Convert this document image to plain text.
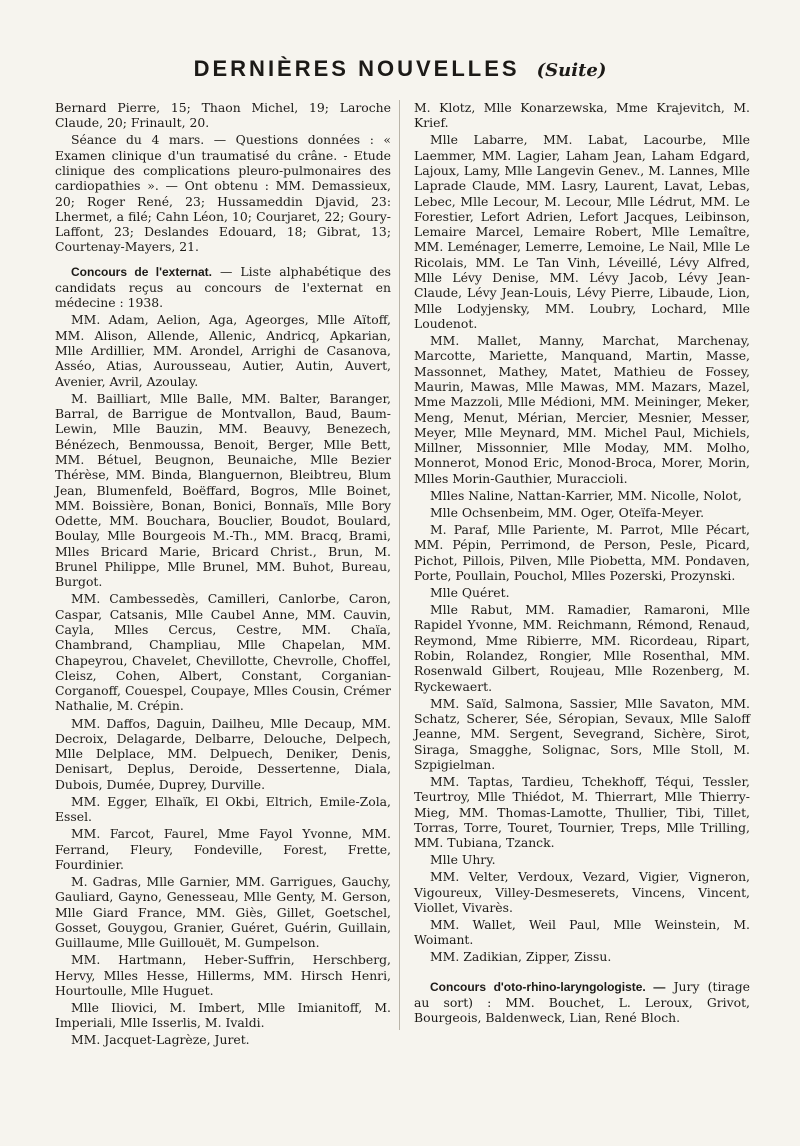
DERNIÈRES NOUVELLES (Suite)

Bernard Pierre, 15; Thaon Michel, 19; Laroche Claude, 20; Frinault, 20.

Séance du 4 mars. — Questions données : « Examen clinique d'un traumatisé du crâne. - Etude clinique des complications pleuro-pulmonaires des cardiopathies ». — Ont obtenu : MM. Demassieux, 20; Roger René, 23; Hussameddin Djavid, 23: Lhermet, a filé; Cahn Léon, 10; Courjaret, 22; Goury-Laffont, 23; Deslandes Edouard, 18; Gibrat, 13; Courtenay-Mayers, 21.

Concours de l'externat. — Liste alphabétique des candidats reçus au concours de l'externat en médecine : 1938.

MM. Adam, Aelion, Aga, Ageorges, Mlle Aïtoff, MM. Alison, Allende, Allenic, Andricq, Apkarian, Mlle Ardillier, MM. Arondel, Arrighi de Casanova, Asséo, Atias, Aurousseau, Autier, Autin, Auvert, Avenier, Avril, Azoulay.

M. Bailliart, Mlle Balle, MM. Balter, Baranger, Barral, de Barrigue de Montvallon, Baud, Baum-Lewin, Mlle Bauzin, MM. Beauvy, Benezech, Bénézech, Benmoussa, Benoit, Berger, Mlle Bett, MM. Bétuel, Beugnon, Beunaiche, Mlle Bezier Thérèse, MM. Binda, Blanguernon, Bleibtreu, Blum Jean, Blumenfeld, Boëffard, Bogros, Mlle Boinet, MM. Boissière, Bonan, Bonici, Bonnaïs, Mlle Bory Odette, MM. Bouchara, Bouclier, Boudot, Boulard, Boulay, Mlle Bourgeois M.-Th., MM. Bracq, Brami, Mlles Bricard Marie, Bricard Christ., Brun, M. Brunel Philippe, Mlle Brunel, MM. Buhot, Bureau, Burgot.

MM. Cambessedès, Camilleri, Canlorbe, Caron, Caspar, Catsanis, Mlle Caubel Anne, MM. Cauvin, Cayla, Mlles Cercus, Cestre, MM. Chaïa, Chambrand, Champliau, Mlle Chapelan, MM. Chapeyrou, Chavelet, Chevillotte, Chevrolle, Choffel, Cleisz, Cohen, Albert, Constant, Corganian-Corganoff, Couespel, Coupaye, Mlles Cousin, Crémer Nathalie, M. Crépin.

MM. Daffos, Daguin, Dailheu, Mlle Decaup, MM. Decroix, Delagarde, Delbarre, Delouche, Delpech, Mlle Delplace, MM. Delpuech, Deniker, Denis, Denisart, Deplus, Deroide, Dessertenne, Diala, Dubois, Dumée, Duprey, Durville.

MM. Egger, Elhaïk, El Okbi, Eltrich, Emile-Zola, Essel.

MM. Farcot, Faurel, Mme Fayol Yvonne, MM. Ferrand, Fleury, Fondeville, Forest, Frette, Fourdinier.

M. Gadras, Mlle Garnier, MM. Garrigues, Gauchy, Gauliard, Gayno, Genesseau, Mlle Genty, M. Gerson, Mlle Giard France, MM. Giès, Gillet, Goetschel, Gosset, Gouygou, Granier, Guéret, Guérin, Guillain, Guillaume, Mlle Guillouët, M. Gumpelson.

MM. Hartmann, Heber-Suffrin, Herschberg, Hervy, Mlles Hesse, Hillerms, MM. Hirsch Henri, Hourtoulle, Mlle Huguet.

Mlle Iliovici, M. Imbert, Mlle Imianitoff, M. Imperiali, Mlle Isserlis, M. Ivaldi.

MM. Jacquet-Lagrèze, Juret.

M. Klotz, Mlle Konarzewska, Mme Krajevitch, M. Krief.

Mlle Labarre, MM. Labat, Lacourbe, Mlle Laemmer, MM. Lagier, Laham Jean, Laham Edgard, Lajoux, Lamy, Mlle Langevin Genev., M. Lannes, Mlle Laprade Claude, MM. Lasry, Laurent, Lavat, Lebas, Lebec, Mlle Lecour, M. Lecour, Mlle Lédrut, MM. Le Forestier, Lefort Adrien, Lefort Jacques, Leibinson, Lemaire Marcel, Lemaire Robert, Mlle Lemaître, MM. Leménager, Lemerre, Lemoine, Le Nail, Mlle Le Ricolais, MM. Le Tan Vinh, Léveillé, Lévy Alfred, Mlle Lévy Denise, MM. Lévy Jacob, Lévy Jean-Claude, Lévy Jean-Louis, Lévy Pierre, Libaude, Lion, Mlle Lodyjensky, MM. Loubry, Lochard, Mlle Loudenot.

MM. Mallet, Manny, Marchat, Marchenay, Marcotte, Mariette, Manquand, Martin, Masse, Massonnet, Mathey, Matet, Mathieu de Fossey, Maurin, Mawas, Mlle Mawas, MM. Mazars, Mazel, Mme Mazzoli, Mlle Médioni, MM. Meininger, Meker, Meng, Menut, Mérian, Mercier, Mesnier, Messer, Meyer, Mlle Meynard, MM. Michel Paul, Michiels, Millner, Missonnier, Mlle Moday, MM. Molho, Monnerot, Monod Eric, Monod-Broca, Morer, Morin, Mlles Morin-Gauthier, Muraccioli.

Mlles Naline, Nattan-Karrier, MM. Nicolle, Nolot,

Mlle Ochsenbeim, MM. Oger, Oteïfa-Meyer.

M. Paraf, Mlle Pariente, M. Parrot, Mlle Pécart, MM. Pépin, Perrimond, de Person, Pesle, Picard, Pichot, Pillois, Pilven, Mlle Piobetta, MM. Pondaven, Porte, Poullain, Pouchol, Mlles Pozerski, Prozynski.

Mlle Quéret.

Mlle Rabut, MM. Ramadier, Ramaroni, Mlle Rapidel Yvonne, MM. Reichmann, Rémond, Renaud, Reymond, Mme Ribierre, MM. Ricordeau, Ripart, Robin, Rolandez, Rongier, Mlle Rosenthal, MM. Rosenwald Gilbert, Roujeau, Mlle Rozenberg, M. Ryckewaert.

MM. Saïd, Salmona, Sassier, Mlle Savaton, MM. Schatz, Scherer, Sée, Séropian, Sevaux, Mlle Saloff Jeanne, MM. Sergent, Sevegrand, Sichère, Sirot, Siraga, Smagghe, Solignac, Sors, Mlle Stoll, M. Szpigielman.

MM. Taptas, Tardieu, Tchekhoff, Téqui, Tessler, Teurtroy, Mlle Thiédot, M. Thierrart, Mlle Thierry-Mieg, MM. Thomas-Lamotte, Thullier, Tibi, Tillet, Torras, Torre, Touret, Tournier, Treps, Mlle Trilling, MM. Tubiana, Tzanck.

Mlle Uhry.

MM. Velter, Verdoux, Vezard, Vigier, Vigneron, Vigoureux, Villey-Desmeserets, Vincens, Vincent, Viollet, Vivarès.

MM. Wallet, Weil Paul, Mlle Weinstein, M. Woimant.

MM. Zadikian, Zipper, Zissu.

Concours d'oto-rhino-laryngologiste. — Jury (tirage au sort) : MM. Bouchet, L. Leroux, Grivot, Bourgeois, Baldenweck, Lian, René Bloch.
